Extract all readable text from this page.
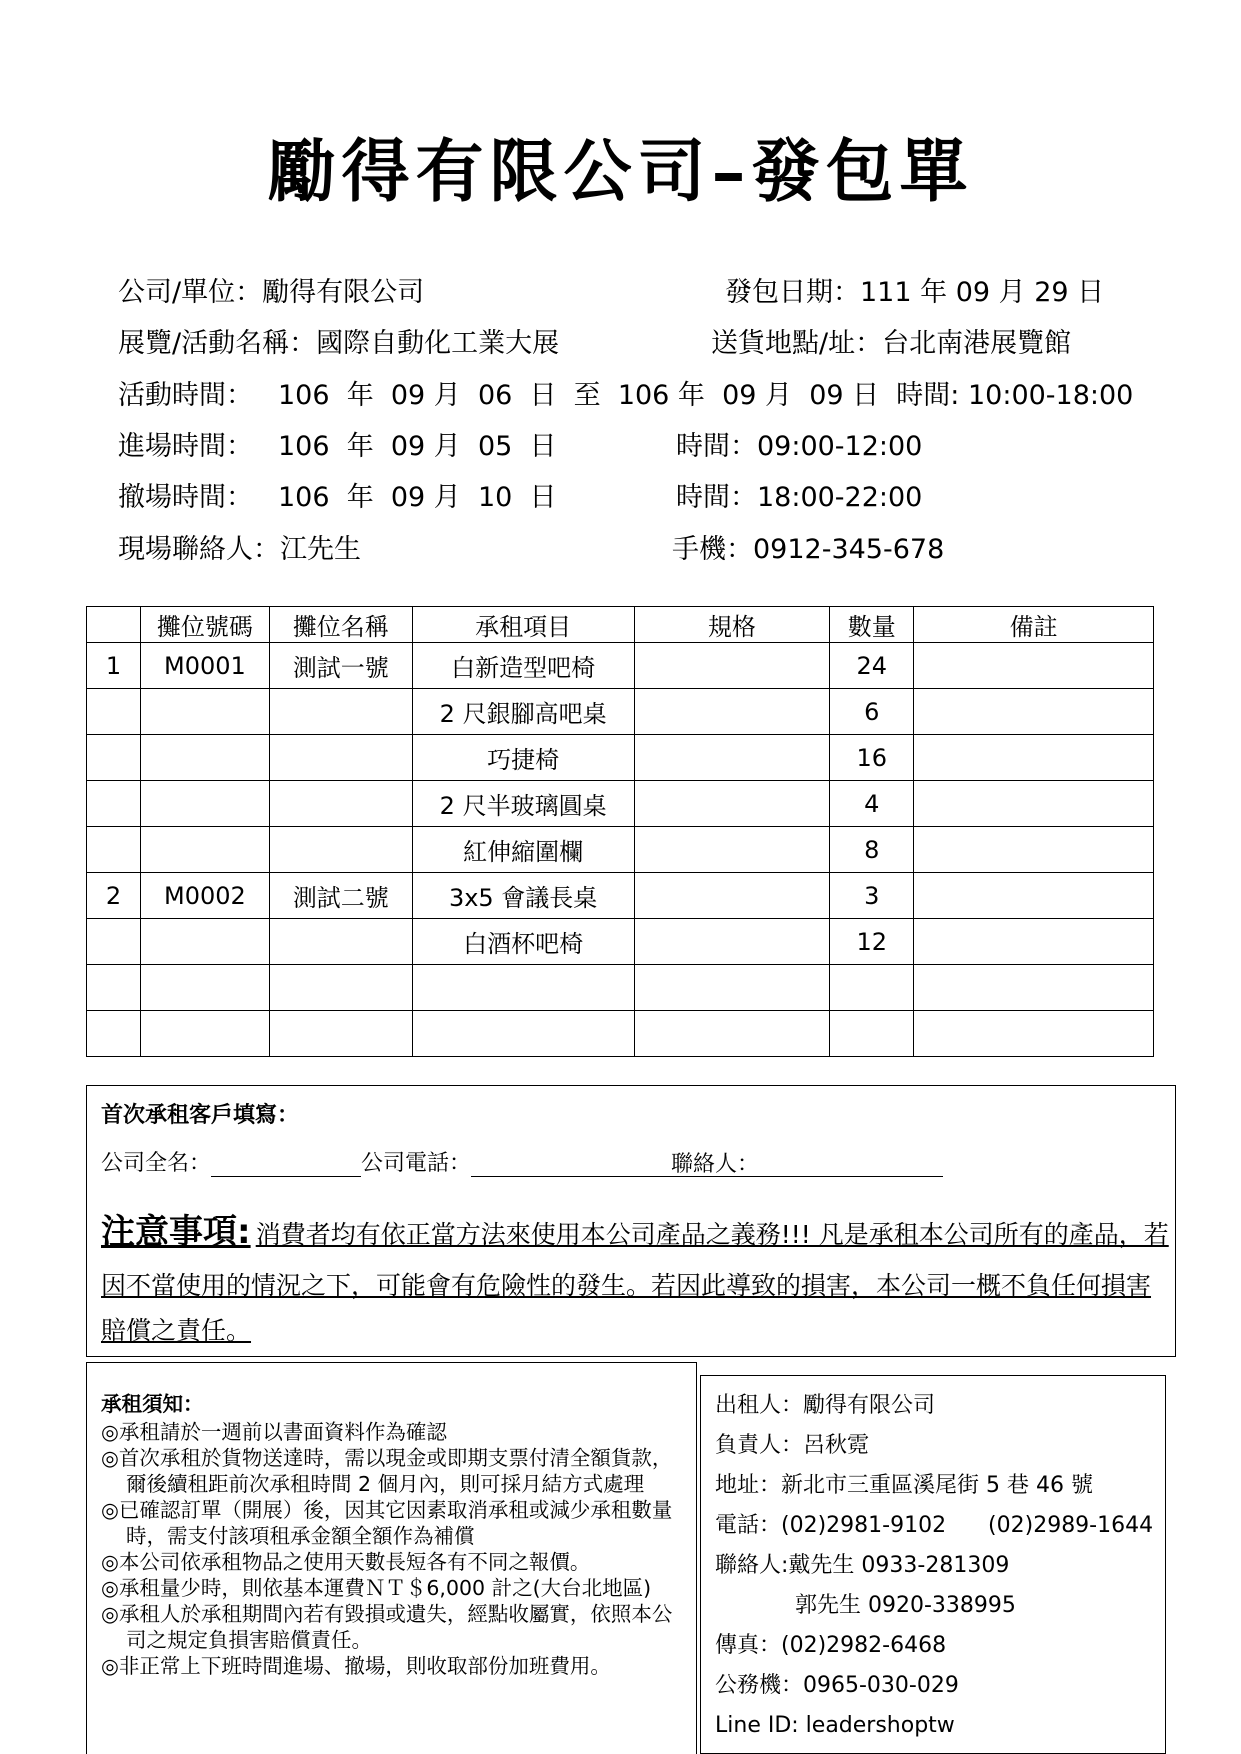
勵得有限公司–發包單
公司/單位：勵得有限公司	發包日期：111 年 09 月 29 日
展覽/活動名稱：國際自動化工業大展	送貨地點/址：台北南港展覽館
活動時間： 106  年  09 月  06  日  至  106 年  09 月  09 日  時間: 10:00-18:00
進場時間： 106  年  09 月  05  日	時間：09:00-12:00
撤場時間： 106  年  09 月  10  日	時間：18:00-22:00
現場聯絡人：江先生	手機：0912-345-678
	攤位號碼	攤位名稱	承租項目	規格	數量	備註
1	M0001	測試一號	白新造型吧椅		24	
			2 尺銀腳高吧桌		6	
			巧捷椅		16	
			2 尺半玻璃圓桌		4	
			紅伸縮圍欄		8	
2	M0002	測試二號	3x5 會議長桌		3	
			白酒杯吧椅		12	

首次承租客戶填寫：
公司全名：	公司電話：	聯絡人：
注意事項: 消費者均有依正當方法來使用本公司產品之義務!!! 凡是承租本公司所有的產品，若
因不當使用的情況之下，可能會有危險性的發生。若因此導致的損害，本公司一概不負任何損害
賠償之責任。
承租須知：
◎承租請於一週前以書面資料作為確認
◎首次承租於貨物送達時，需以現金或即期支票付清全額貨款，爾後續租距前次承租時間 2 個月內，則可採月結方式處理
◎已確認訂單（開展）後，因其它因素取消承租或減少承租數量時，需支付該項租承金額全額作為補償
◎本公司依承租物品之使用天數長短各有不同之報價。
◎承租量少時，則依基本運費ＮＴ＄6,000 計之(大台北地區)
◎承租人於承租期間內若有毀損或遺失，經點收屬實，依照本公司之規定負損害賠償責任。
◎非正常上下班時間進場、撤場，則收取部份加班費用。
出租人：勵得有限公司
負責人：呂秋霓
地址：新北市三重區溪尾街 5 巷 46 號
電話：(02)2981-9102      (02)2989-1644
聯絡人:戴先生 0933-281309
郭先生 0920-338995
傳真：(02)2982-6468
公務機：0965-030-029
Line ID: leadershoptw
